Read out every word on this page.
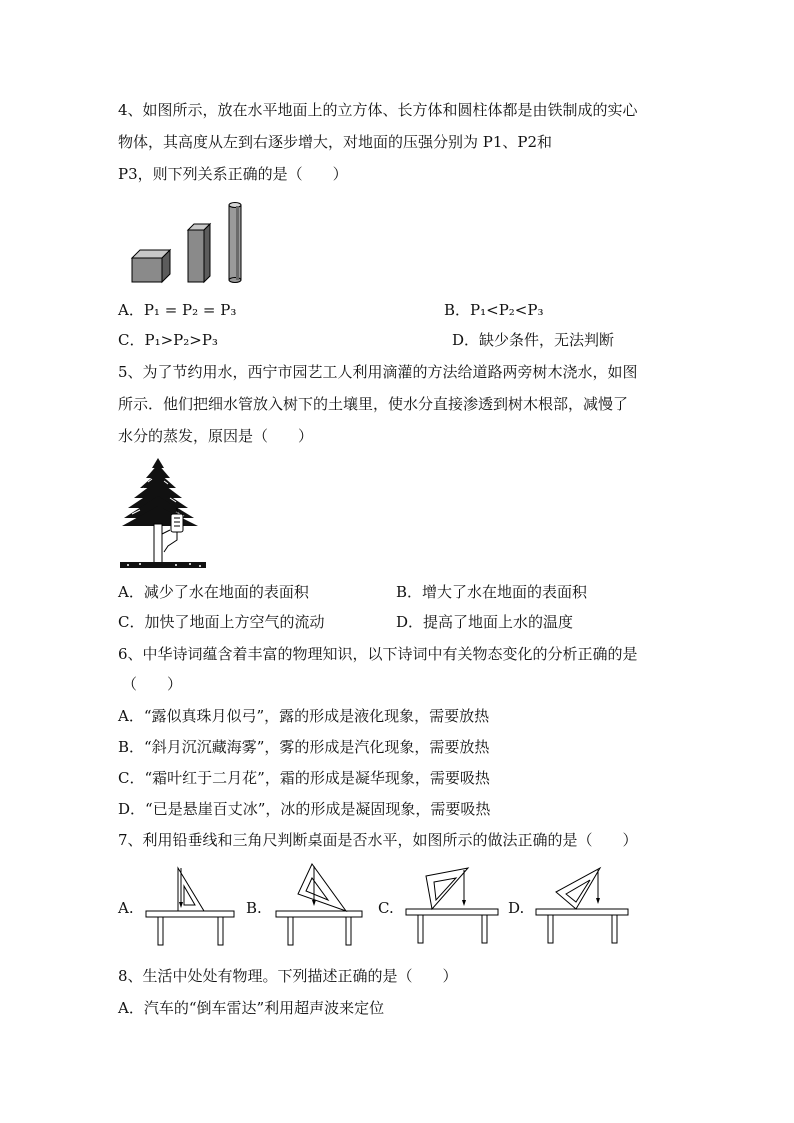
4、如图所示，放在水平地面上的立方体、长方体和圆柱体都是由铁制成的实心
物体，其高度从左到右逐步增大，对地面的压强分别为 P1、P2和
P3，则下列关系正确的是（　　）
A．P₁ = P₂ = P₃	B．P₁<P₂<P₃
C．P₁>P₂>P₃	D．缺少条件，无法判断
5、为了节约用水，西宁市园艺工人利用滴灌的方法给道路两旁树木浇水，如图
所示．他们把细水管放入树下的土壤里，使水分直接渗透到树木根部，减慢了
水分的蒸发，原因是（　　）
A．减少了水在地面的表面积	B．增大了水在地面的表面积
C．加快了地面上方空气的流动	D．提高了地面上水的温度
6、中华诗词蕴含着丰富的物理知识，以下诗词中有关物态变化的分析正确的是
（　　）
A．“露似真珠月似弓”，露的形成是液化现象，需要放热
B．“斜月沉沉藏海雾”，雾的形成是汽化现象，需要放热
C．“霜叶红于二月花”，霜的形成是凝华现象，需要吸热
D．“已是悬崖百丈冰”，冰的形成是凝固现象，需要吸热
7、利用铅垂线和三角尺判断桌面是否水平，如图所示的做法正确的是（　　）
A.	B.	C.	D.
8、生活中处处有物理。下列描述正确的是（　　）
A．汽车的“倒车雷达”利用超声波来定位
